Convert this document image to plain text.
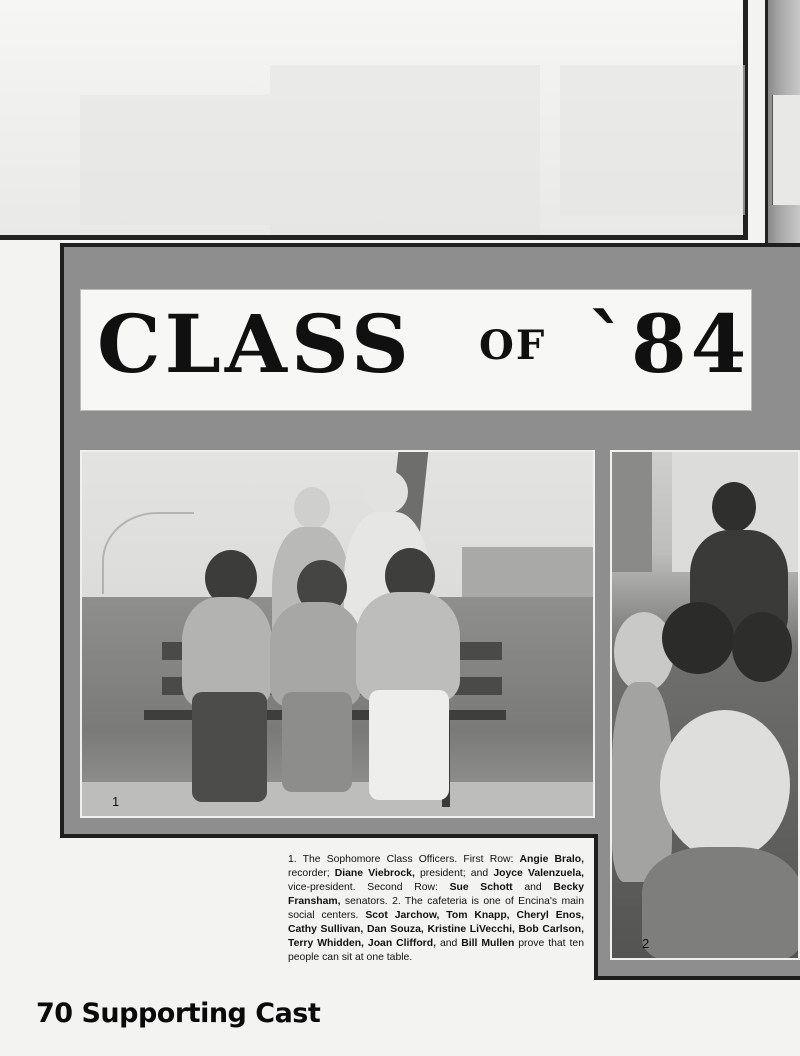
CLASS OF `84
1
2
1. The Sophomore Class Officers. First Row: Angie Bralo, recorder; Diane Viebrock, president; and Joyce Valenzuela, vice-president. Second Row: Sue Schott and Becky Fransham, senators. 2. The cafeteria is one of Encina's main social centers. Scot Jarchow, Tom Knapp, Cheryl Enos, Cathy Sullivan, Dan Souza, Kristine LiVecchi, Bob Carlson, Terry Whidden, Joan Clifford, and Bill Mullen prove that ten people can sit at one table.
70 Supporting Cast
